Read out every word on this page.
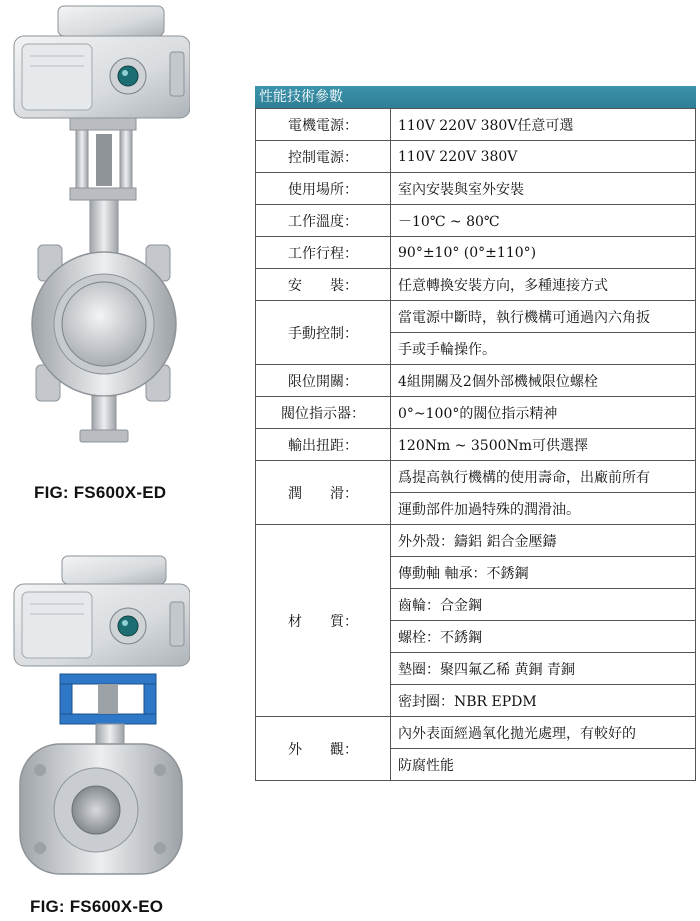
FIG: FS600X-ED
FIG: FS600X-EO
性能技術參數
電機電源：	110V 220V 380V任意可選
控制電源：	110V 220V 380V
使用場所：	室內安裝與室外安裝
工作溫度：	－10℃ ~ 80℃
工作行程：	90°±10° (0°±110°)
安　　裝：	任意轉換安裝方向，多種連接方式
手動控制：	當電源中斷時，執行機構可通過內六角扳
	手或手輪操作。
限位開關：	4組開關及2個外部機械限位螺栓
閥位指示器：	0°~100°的閥位指示精神
輸出扭距：	120Nm ~ 3500Nm可供選擇
潤　　滑：	爲提高執行機構的使用壽命，出廠前所有
	運動部件加過特殊的潤滑油。
材　　質：	外外殼：鑄鋁 鋁合金壓鑄
	傳動軸 軸承：不銹鋼
	齒輪：合金鋼
	螺栓：不銹鋼
	墊圈：聚四氟乙稀 黄銅 青銅
	密封圈：NBR EPDM
外　　觀：	內外表面經過氧化拋光處理，有較好的
	防腐性能
